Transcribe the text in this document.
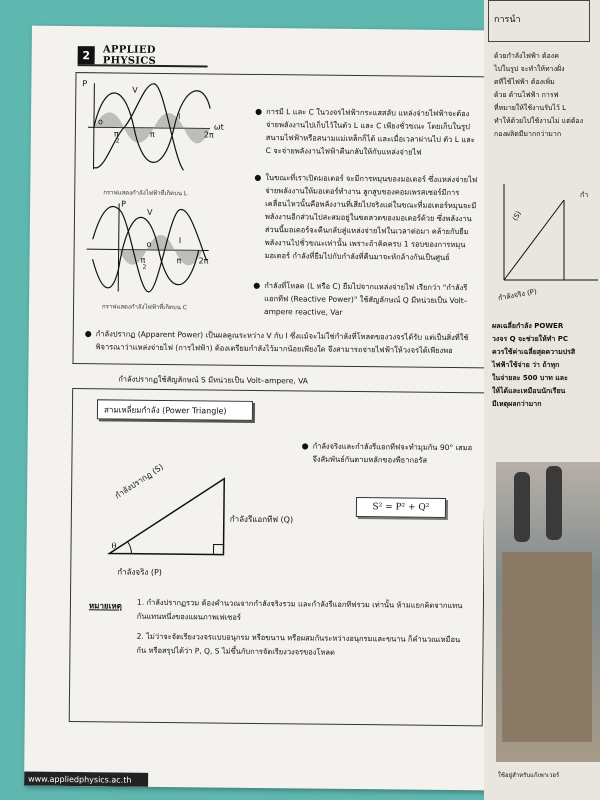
2	APPLIED PHYSICS
P
V
I
o
π
2
π	2π
ωt
กราฟแสดงกำลังไฟฟ้าที่เกิดบน L
P
V
I
o
π
2
π 2π
กราฟแสดงกำลังไฟฟ้าที่เกิดบน C
● การมี L และ C ในวงจรไฟฟ้ากระแสสลับ แหล่งจ่ายไฟฟ้าจะต้องจ่ายพลังงานไปเก็บไว้ในตัว L และ C เพียงชั่วขณะ โดยเก็บในรูปสนามไฟฟ้าหรือสนามแม่เหล็กก็ได้ และเมื่อเวลาผ่านไป ตัว L และ C จะจ่ายพลังงานไฟฟ้าคืนกลับให้กับแหล่งจ่ายไฟ
● ในขณะที่เราเปิดมอเตอร์ จะมีการหมุนของมอเตอร์ ซึ่งแหล่งจ่ายไฟจ่ายพลังงานให้มอเตอร์ทำงาน ลูกสูบของคอมเพรสเซอร์มีการเคลื่อนไหวนั้นคือพลังงานที่เสียไปจริงแต่ในขณะที่มอเตอร์หมุนจะมีพลังงานอีกส่วนไปสะสมอยู่ในขดลวดของมอเตอร์ด้วย ซึ่งพลังงานส่วนนี้มอเตอร์จะคืนกลับสู่แหล่งจ่ายไฟในเวลาต่อมา คล้ายกับยืมพลังงานไปชั่วขณะเท่านั้น เพราะถ้าคิดครบ 1 รอบของการหมุนมอเตอร์ กำลังที่ยืมไปกับกำลังที่คืนมาจะหักล้างกันเป็นศูนย์
● กำลังที่โหลด (L หรือ C) ยืมไปจากแหล่งจ่ายไฟ เรียกว่า "กำลังรีแอกทีฟ (Reactive Power)" ใช้สัญลักษณ์ Q มีหน่วยเป็น Volt–ampere reactive, Var
● กำลังปรากฏ (Apparent Power) เป็นผลคูณระหว่าง V กับ I ซึ่งแม้จะไม่ใช่กำลังที่โหลดของวงจรได้รับ แต่เป็นสิ่งที่ใช้พิจารณาว่าแหล่งจ่ายไฟ (การไฟฟ้า) ต้องเตรียมกำลังไว้มากน้อยเพียงใด จึงสามารถจ่ายไฟฟ้าให้วงจรได้เพียงพอ
กำลังปรากฏใช้สัญลักษณ์ S มีหน่วยเป็น Volt–ampere, VA
สามเหลี่ยมกำลัง (Power Triangle)
● กำลังจริงและกำลังรีแอกทีฟจะทำมุมกัน 90° เสมอ จึงสัมพันธ์กันตามหลักของพีธากอรัส
S² = P² + Q²
กำลังปรากฏ (S)
กำลังรีแอกทีฟ (Q)
กำลังจริง (P)
θ
หมายเหตุ 1. กำลังปรากฏรวม ต้องคำนวณจากกำลังจริงรวม และกำลังรีแอกทีฟรวม เท่านั้น ห้ามแยกคิดจากแทนกันแทนหนึ่งของแผนภาพเฟเซอร์
2. ไม่ว่าจะจัดเรียงวงจรแบบอนุกรม หรือขนาน หรือผสมกันระหว่างอนุกรมและขนาน ก็คำนวณเหมือนกัน หรือสรุปได้ว่า P, Q, S ไม่ขึ้นกับการจัดเรียงวงจรของโหลด
www.appliedphysics.ac.th
การนำ
ด้วยกำลังไฟฟ้า ต้องค
ไปในรูป จะทำให้ทางฝั่ง
ตที่ใช้ไฟฟ้า ต้องเพิ่ม
ด้วย ด้านไฟฟ้า การฟ
ที่หมายให้ใช้งานรับไว้ L
ทำให้ด้วยไปใช้งานไม่ แต่ต้อง
กองผลิตมีมากกว่ามาก
(S)
กำ
กำลังจริง (P)
ผลเฉลี่ยกำลัง POWER
วงจร Q จะช่วยให้ทำ PC
ควรใช้ค่าเฉลี่ยสุดความปรสิ
ไฟฟ้าใช้จ่าย ว่า ถ้าทุก
ในจ่ายละ 500 บาท และ
ให้ได้และเหมือนนักเรียน
มีเหตุผลกว่ามาก
ใช้อยู่สำหรับแก้เพาเวอร์
